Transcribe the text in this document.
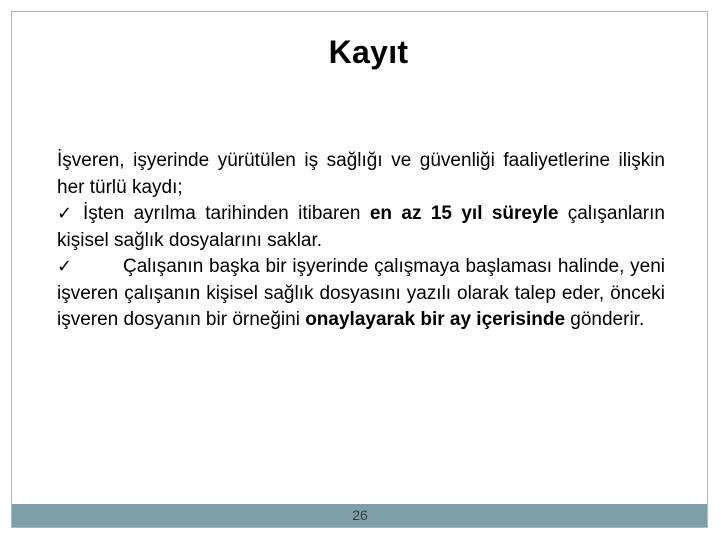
Kayıt

İşveren, işyerinde yürütülen iş sağlığı ve güvenliği faaliyetlerine ilişkin her türlü kaydı;

✓ İşten ayrılma tarihinden itibaren en az 15 yıl süreyle çalışanların kişisel sağlık dosyalarını saklar.

✓	Çalışanın başka bir işyerinde çalışmaya başlaması halinde, yeni işveren çalışanın kişisel sağlık dosyasını yazılı olarak talep eder, önceki işveren dosyanın bir örneğini onaylayarak bir ay içerisinde gönderir.

26
